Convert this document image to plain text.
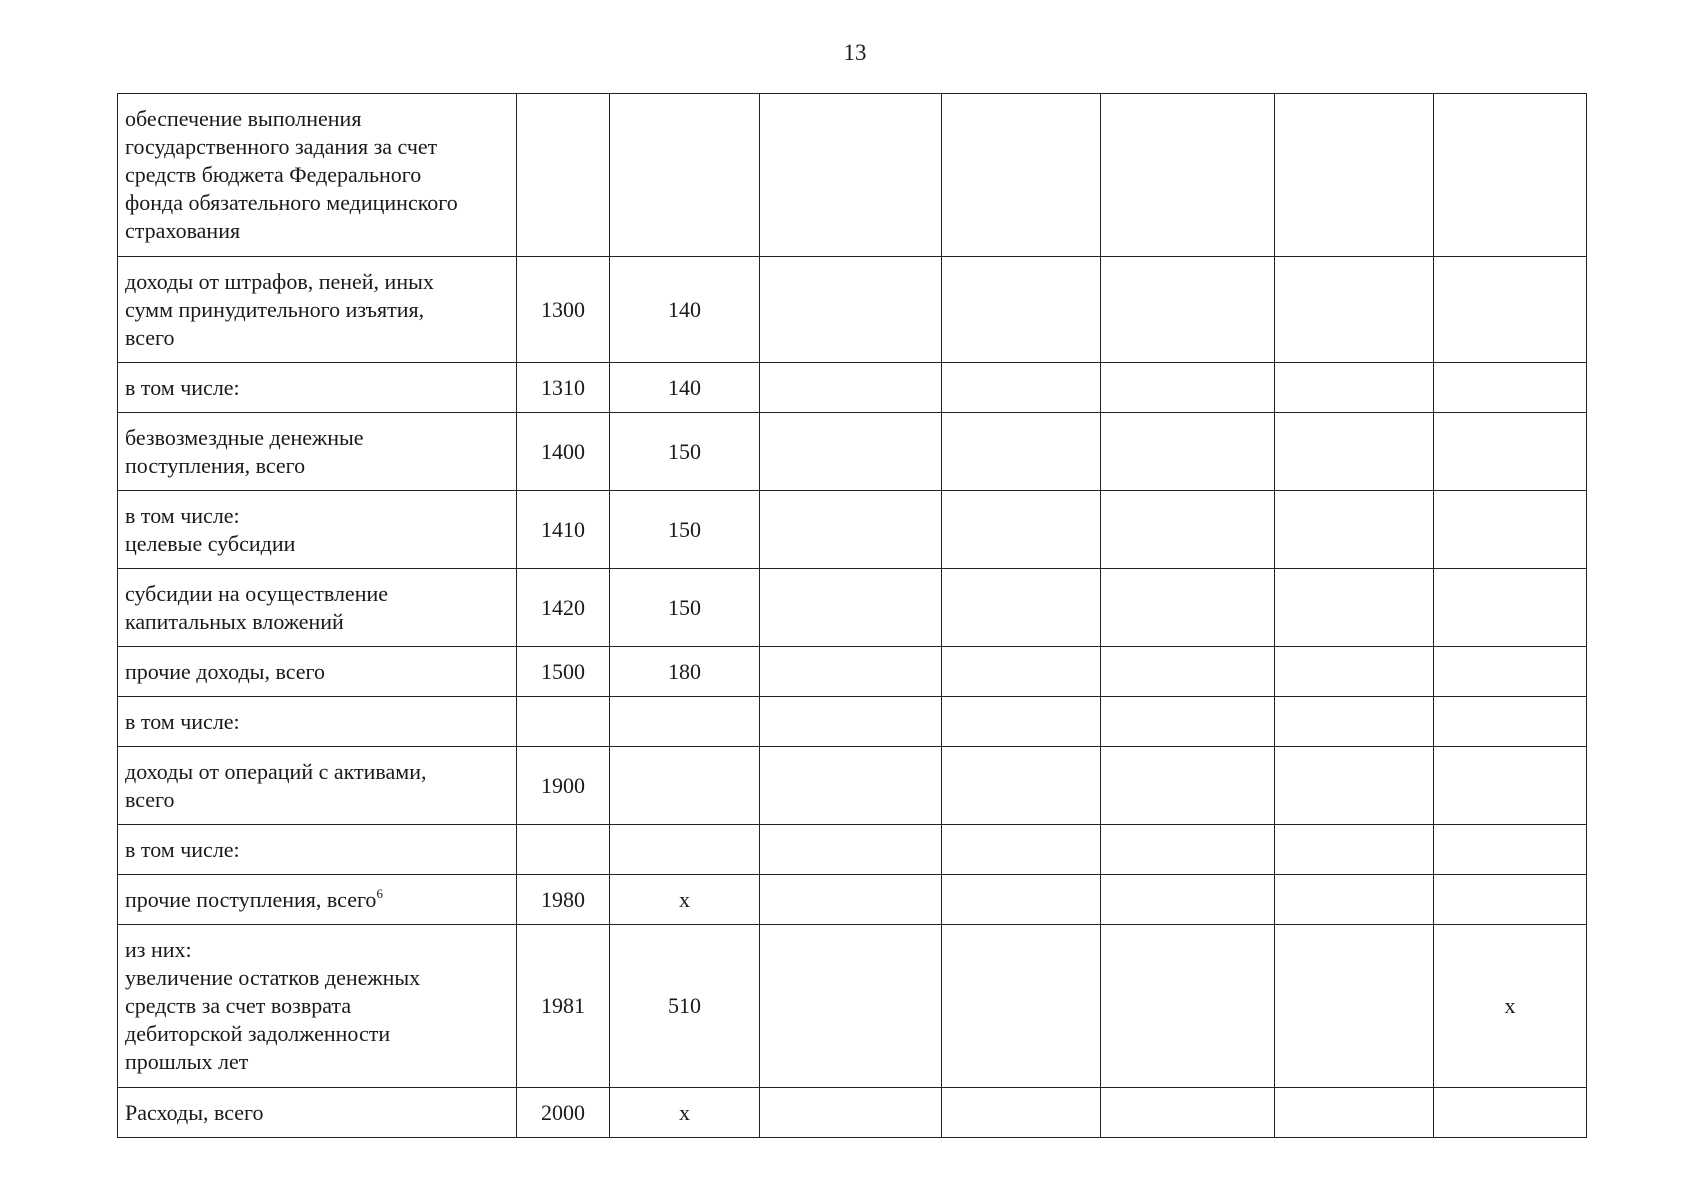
13
обеспечение выполнения
государственного задания за счет
средств бюджета Федерального
фонда обязательного медицинского
страхования							

доходы от штрафов, пеней, иных
сумм принудительного изъятия,
всего	1300	140					

в том числе:	1310	140					

безвозмездные денежные
поступления, всего	1400	150					

в том числе:
целевые субсидии	1410	150					

субсидии на осуществление
капитальных вложений	1420	150					

прочие доходы, всего	1500	180					

в том числе:							

доходы от операций с активами,
всего	1900						

в том числе:							

прочие поступления, всего$^6$	1980	х					

из них:
увеличение остатков денежных
средств за счет возврата
дебиторской задолженности
прошлых лет	1981	510					х

Расходы, всего	2000	х					
